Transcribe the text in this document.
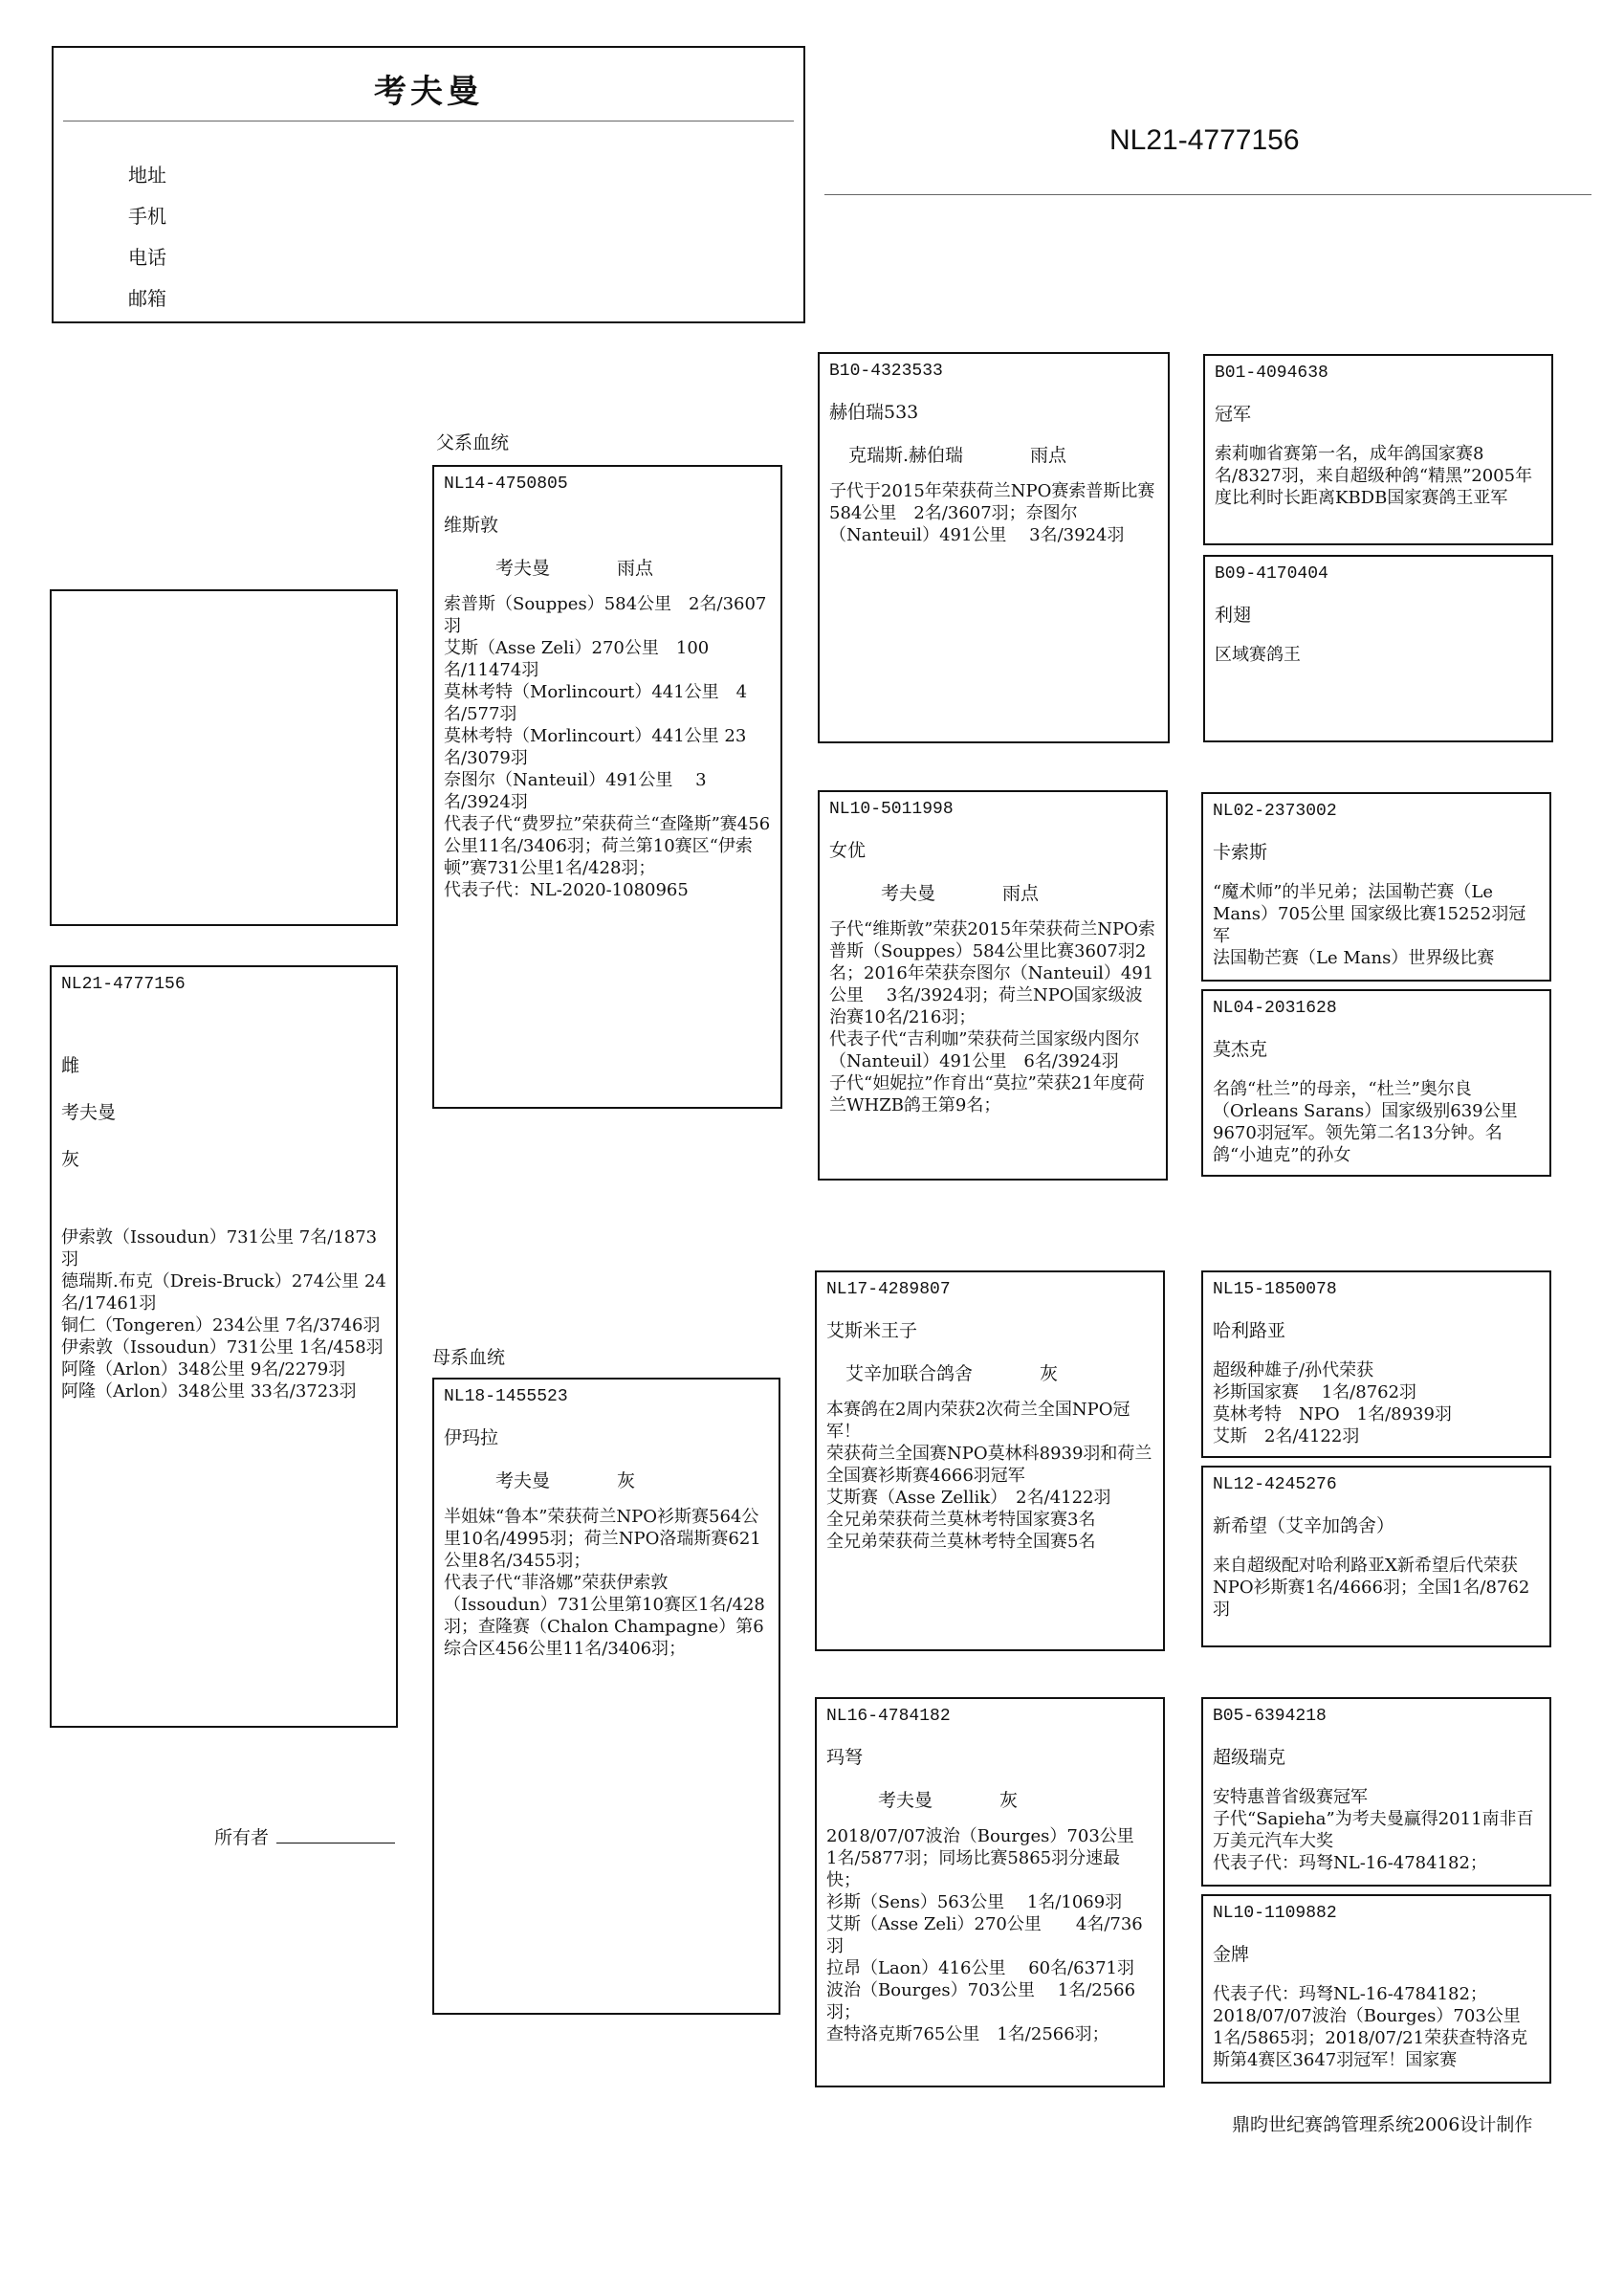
考夫曼
地址
手机
电话
邮箱
NL21-4777156
NL21-4777156
雌
考夫曼
灰
伊索敦（Issoudun）731公里 7名/1873羽
德瑞斯.布克（Dreis-Bruck）274公里 24名/17461羽
铜仁（Tongeren）234公里 7名/3746羽
伊索敦（Issoudun）731公里 1名/458羽
阿隆（Arlon）348公里 9名/2279羽
阿隆（Arlon）348公里 33名/3723羽
父系血统
母系血统
NL14-4750805
维斯敦
考夫曼	雨点
索普斯（Souppes）584公里　2名/3607羽
艾斯（Asse Zeli）270公里　100名/11474羽
莫林考特（Morlincourt）441公里　4名/577羽
莫林考特（Morlincourt）441公里 23名/3079羽
奈图尔（Nanteuil）491公里　 3名/3924羽
代表子代“费罗拉”荣获荷兰“查隆斯”赛456公里11名/3406羽；荷兰第10赛区“伊索顿”赛731公里1名/428羽；
代表子代：NL-2020-1080965
NL18-1455523
伊玛拉
考夫曼	灰
半姐妹“鲁本”荣获荷兰NPO衫斯赛564公里10名/4995羽；荷兰NPO洛瑞斯赛621公里8名/3455羽；
代表子代“菲洛娜”荣获伊索敦（Issoudun）731公里第10赛区1名/428羽；查隆赛（Chalon Champagne）第6综合区456公里11名/3406羽；
B10-4323533
赫伯瑞533
克瑞斯.赫伯瑞	雨点
子代于2015年荣获荷兰NPO赛索普斯比赛584公里　2名/3607羽；奈图尔（Nanteuil）491公里　 3名/3924羽
NL10-5011998
女优
考夫曼	雨点
子代“维斯敦”荣获2015年荣获荷兰NPO索普斯（Souppes）584公里比赛3607羽2名；2016年荣获奈图尔（Nanteuil）491公里　 3名/3924羽；荷兰NPO国家级波治赛10名/216羽；
代表子代“吉利咖”荣获荷兰国家级内图尔（Nanteuil）491公里　6名/3924羽
子代“妲妮拉”作育出“莫拉”荣获21年度荷兰WHZB鸽王第9名；
NL17-4289807
艾斯米王子
艾辛加联合鸽舍	灰
本赛鸽在2周内荣获2次荷兰全国NPO冠军！
荣获荷兰全国赛NPO莫林科8939羽和荷兰全国赛衫斯赛4666羽冠军
艾斯赛（Asse Zellik）　2名/4122羽
全兄弟荣获荷兰莫林考特国家赛3名
全兄弟荣获荷兰莫林考特全国赛5名
NL16-4784182
玛弩
考夫曼	灰
2018/07/07波治（Bourges）703公里　 1名/5877羽；同场比赛5865羽分速最快；
衫斯（Sens）563公里　 1名/1069羽
艾斯（Asse Zeli）270公里　　4名/736羽
拉昂（Laon）416公里　 60名/6371羽
波治（Bourges）703公里　 1名/2566羽；
查特洛克斯765公里　1名/2566羽；
B01-4094638
冠军
索莉咖省赛第一名，成年鸽国家赛8名/8327羽，来自超级种鸽“精黑”2005年度比利时长距离KBDB国家赛鸽王亚军
B09-4170404
利翅
区域赛鸽王
NL02-2373002
卡索斯
“魔术师”的半兄弟；法国勒芒赛（Le Mans）705公里 国家级比赛15252羽冠军
法国勒芒赛（Le Mans）世界级比赛
NL04-2031628
莫杰克
名鸽“杜兰”的母亲，“杜兰”奥尔良（Orleans Sarans）国家级别639公里9670羽冠军。领先第二名13分钟。名鸽“小迪克”的孙女
NL15-1850078
哈利路亚
超级种雄子/孙代荣获
衫斯国家赛　 1名/8762羽
莫林考特　NPO　1名/8939羽
艾斯　2名/4122羽
NL12-4245276
新希望（艾辛加鸽舍）
来自超级配对哈利路亚X新希望后代荣获
NPO衫斯赛1名/4666羽；全国1名/8762羽
B05-6394218
超级瑞克
安特惠普省级赛冠军
子代“Sapieha”为考夫曼赢得2011南非百万美元汽车大奖
代表子代：玛弩NL-16-4784182；
NL10-1109882
金牌
代表子代：玛弩NL-16-4784182；
2018/07/07波治（Bourges）703公里　 1名/5865羽；2018/07/21荣获查特洛克斯第4赛区3647羽冠军！国家赛
所有者
鼎昀世纪赛鸽管理系统2006设计制作
